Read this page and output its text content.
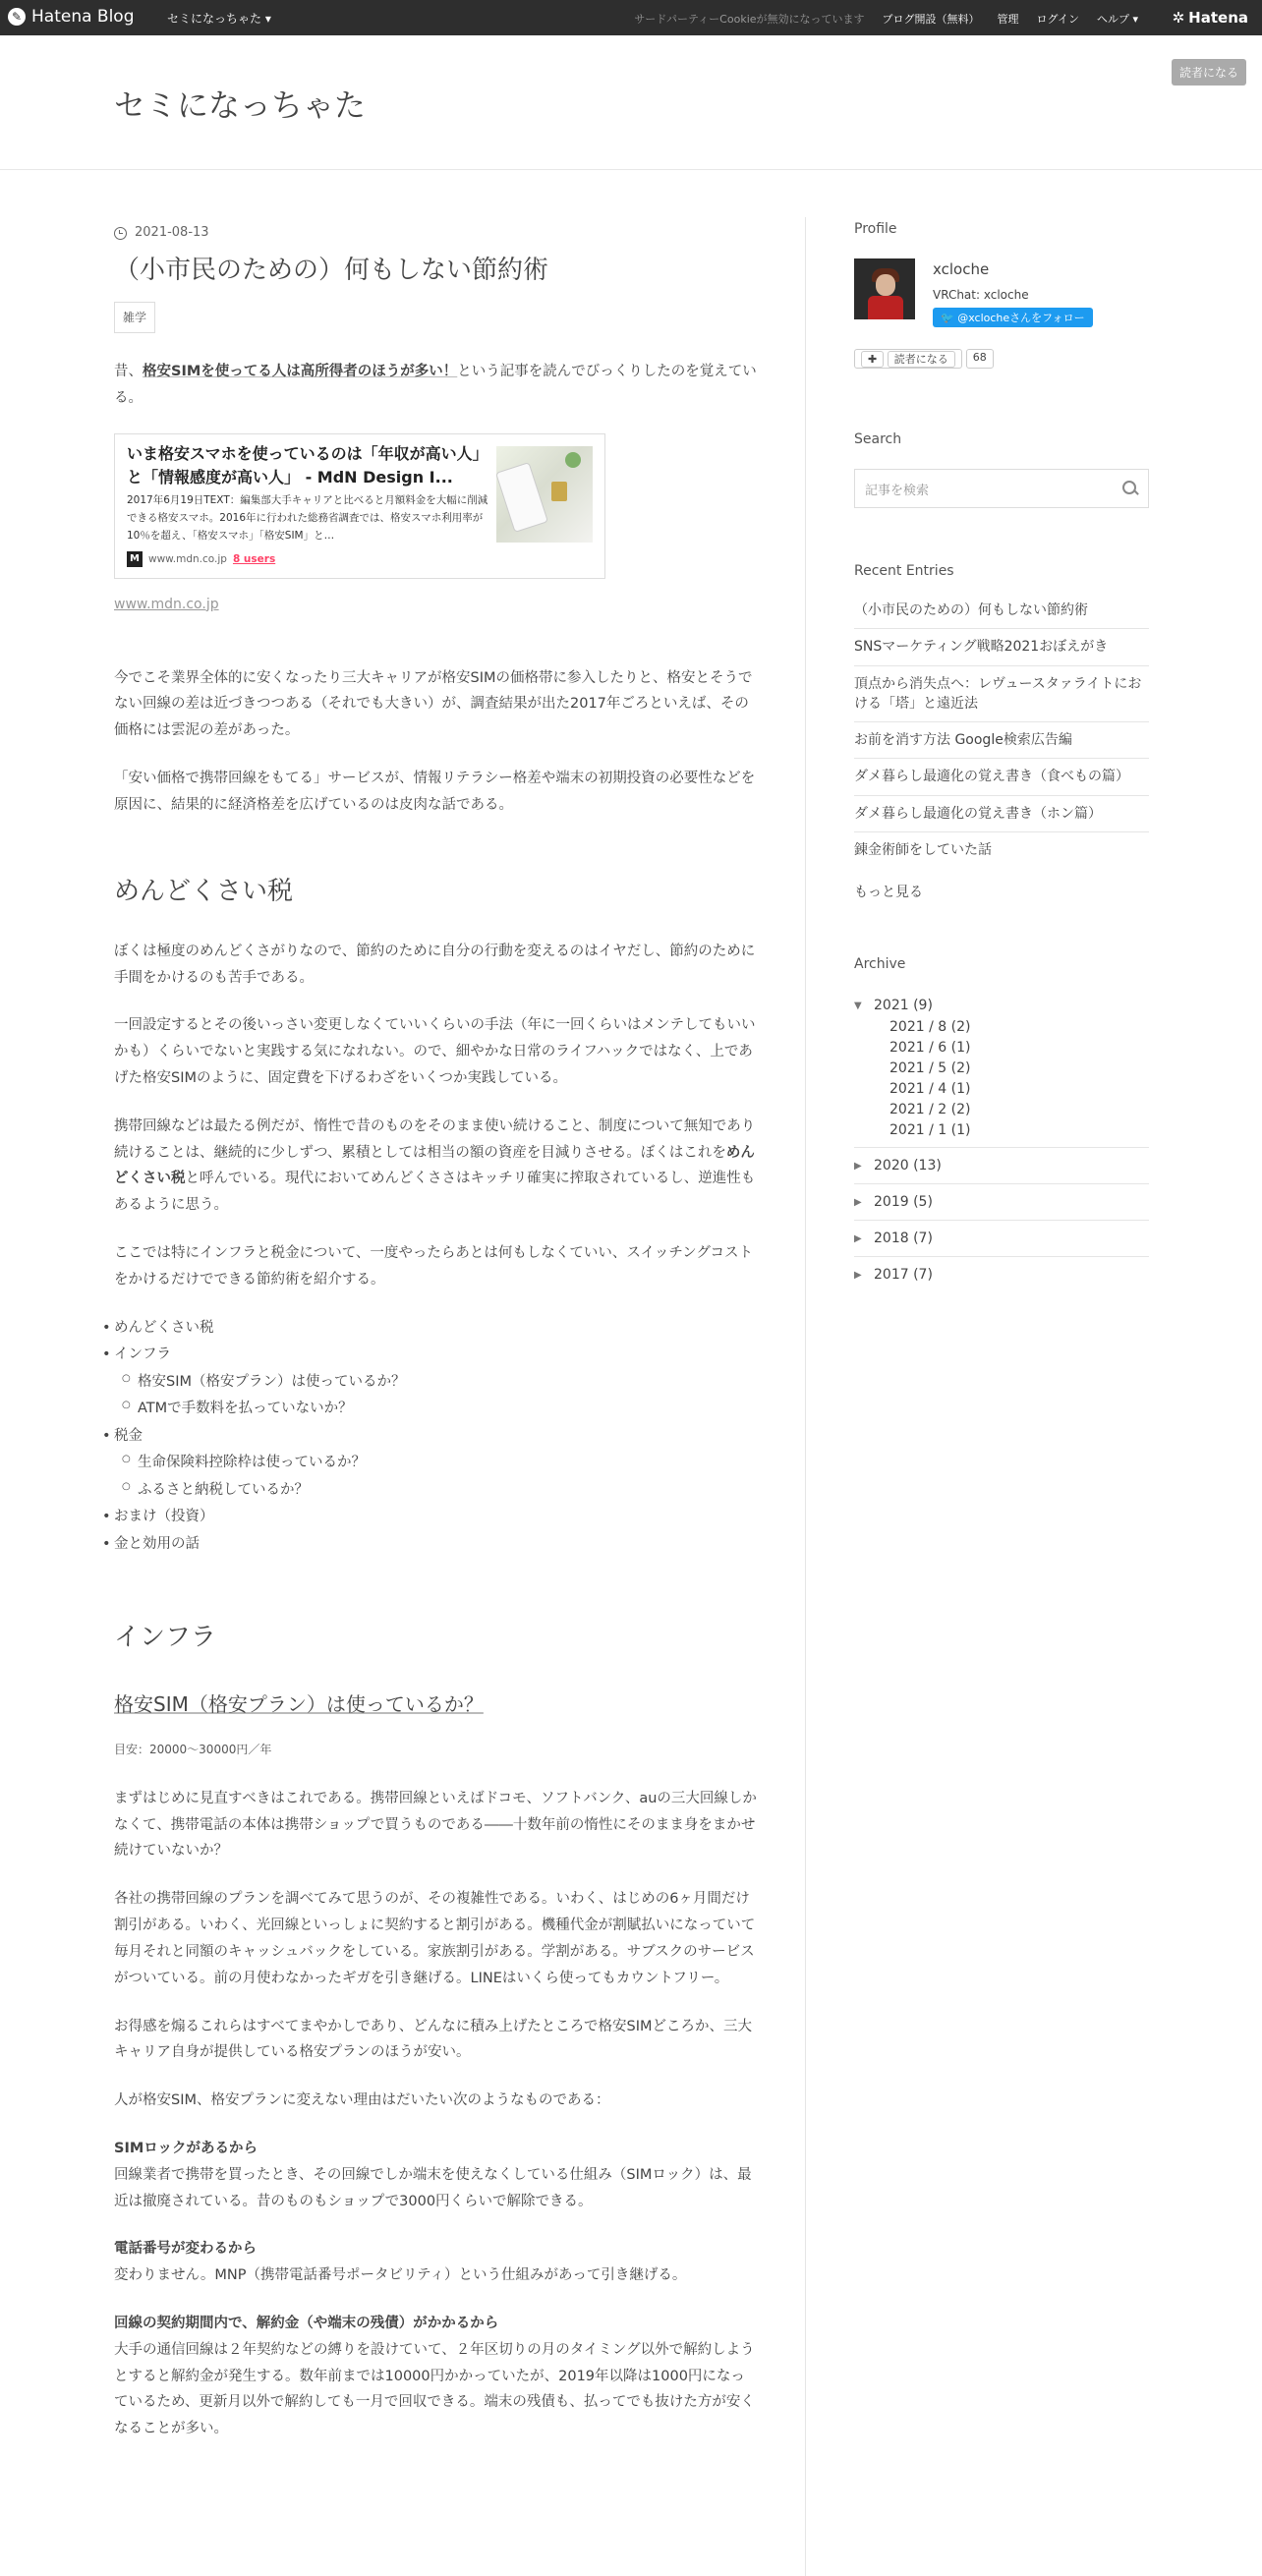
✎ Hatena Blog	セミになっちゃた ▾	サードパーティーCookieが無効になっています ブログ開設（無料） 管理 ログイン ヘルプ ▾ ✲ Hatena
セミになっちゃた
読者になる
2021-08-13
（小市民のための）何もしない節約術
雑学

昔、格安SIMを使ってる人は高所得者のほうが多い！という記事を読んでびっくりしたのを覚えている。

いま格安スマホを使っているのは「年収が高い人」と「情報感度が高い人」 - MdN Design I...
2017年6月19日TEXT：編集部大手キャリアと比べると月額料金を大幅に削減できる格安スマホ。2016年に行われた総務省調査では、格安スマホ利用率が10％を超え、「格安スマホ」「格安SIM」と…
M www.mdn.co.jp 8 users
www.mdn.co.jp

今でこそ業界全体的に安くなったり三大キャリアが格安SIMの価格帯に参入したりと、格安とそうでない回線の差は近づきつつある（それでも大きい）が、調査結果が出た2017年ごろといえば、その価格には雲泥の差があった。

「安い価格で携帯回線をもてる」サービスが、情報リテラシー格差や端末の初期投資の必要性などを原因に、結果的に経済格差を広げているのは皮肉な話である。

めんどくさい税

ぼくは極度のめんどくさがりなので、節約のために自分の行動を変えるのはイヤだし、節約のために手間をかけるのも苦手である。

一回設定するとその後いっさい変更しなくていいくらいの手法（年に一回くらいはメンテしてもいいかも）くらいでないと実践する気になれない。ので、細やかな日常のライフハックではなく、上であげた格安SIMのように、固定費を下げるわざをいくつか実践している。

携帯回線などは最たる例だが、惰性で昔のものをそのまま使い続けること、制度について無知であり続けることは、継続的に少しずつ、累積としては相当の額の資産を目減りさせる。ぼくはこれをめんどくさい税と呼んでいる。現代においてめんどくささはキッチリ確実に搾取されているし、逆進性もあるように思う。

ここでは特にインフラと税金について、一度やったらあとは何もしなくていい、スイッチングコストをかけるだけでできる節約術を紹介する。

• めんどくさい税
• インフラ
○ 格安SIM（格安プラン）は使っているか？
○ ATMで手数料を払っていないか？
• 税金
○ 生命保険料控除枠は使っているか？
○ ふるさと納税しているか？
• おまけ（投資）
• 金と効用の話
インフラ
格安SIM（格安プラン）は使っているか？
目安：20000〜30000円／年

まずはじめに見直すべきはこれである。携帯回線といえばドコモ、ソフトバンク、auの三大回線しかなくて、携帯電話の本体は携帯ショップで買うものである――十数年前の惰性にそのまま身をまかせ続けていないか？

各社の携帯回線のプランを調べてみて思うのが、その複雑性である。いわく、はじめの6ヶ月間だけ割引がある。いわく、光回線といっしょに契約すると割引がある。機種代金が割賦払いになっていて毎月それと同額のキャッシュバックをしている。家族割引がある。学割がある。サブスクのサービスがついている。前の月使わなかったギガを引き継げる。LINEはいくら使ってもカウントフリー。

お得感を煽るこれらはすべてまやかしであり、どんなに積み上げたところで格安SIMどころか、三大キャリア自身が提供している格安プランのほうが安い。

人が格安SIM、格安プランに変えない理由はだいたい次のようなものである：

SIMロックがあるから
回線業者で携帯を買ったとき、その回線でしか端末を使えなくしている仕組み（SIMロック）は、最近は撤廃されている。昔のものもショップで3000円くらいで解除できる。

電話番号が変わるから
変わりません。MNP（携帯電話番号ポータビリティ）という仕組みがあって引き継げる。

回線の契約期間内で、解約金（や端末の残債）がかかるから
大手の通信回線は２年契約などの縛りを設けていて、２年区切りの月のタイミング以外で解約しようとすると解約金が発生する。数年前までは10000円かかっていたが、2019年以降は1000円になっているため、更新月以外で解約しても一月で回収できる。端末の残債も、払ってでも抜けた方が安くなることが多い。

Profile
xcloche
VRChat: xcloche
🐦 @xclocheさんをフォロー
✚ 読者になる	68
Search
記事を検索
Recent Entries
（小市民のための）何もしない節約術
SNSマーケティング戦略2021おぼえがき
頂点から消失点へ：レヴュースタァライトにおける「塔」と遠近法
お前を消す方法 Google検索広告編
ダメ暮らし最適化の覚え書き（食べもの篇）
ダメ暮らし最適化の覚え書き（ホン篇）
錬金術師をしていた話
もっと見る
Archive
▼ 2021 (9)
2021 / 8 (2)
2021 / 6 (1)
2021 / 5 (2)
2021 / 4 (1)
2021 / 2 (2)
2021 / 1 (1)
▶ 2020 (13)
▶ 2019 (5)
▶ 2018 (7)
▶ 2017 (7)
